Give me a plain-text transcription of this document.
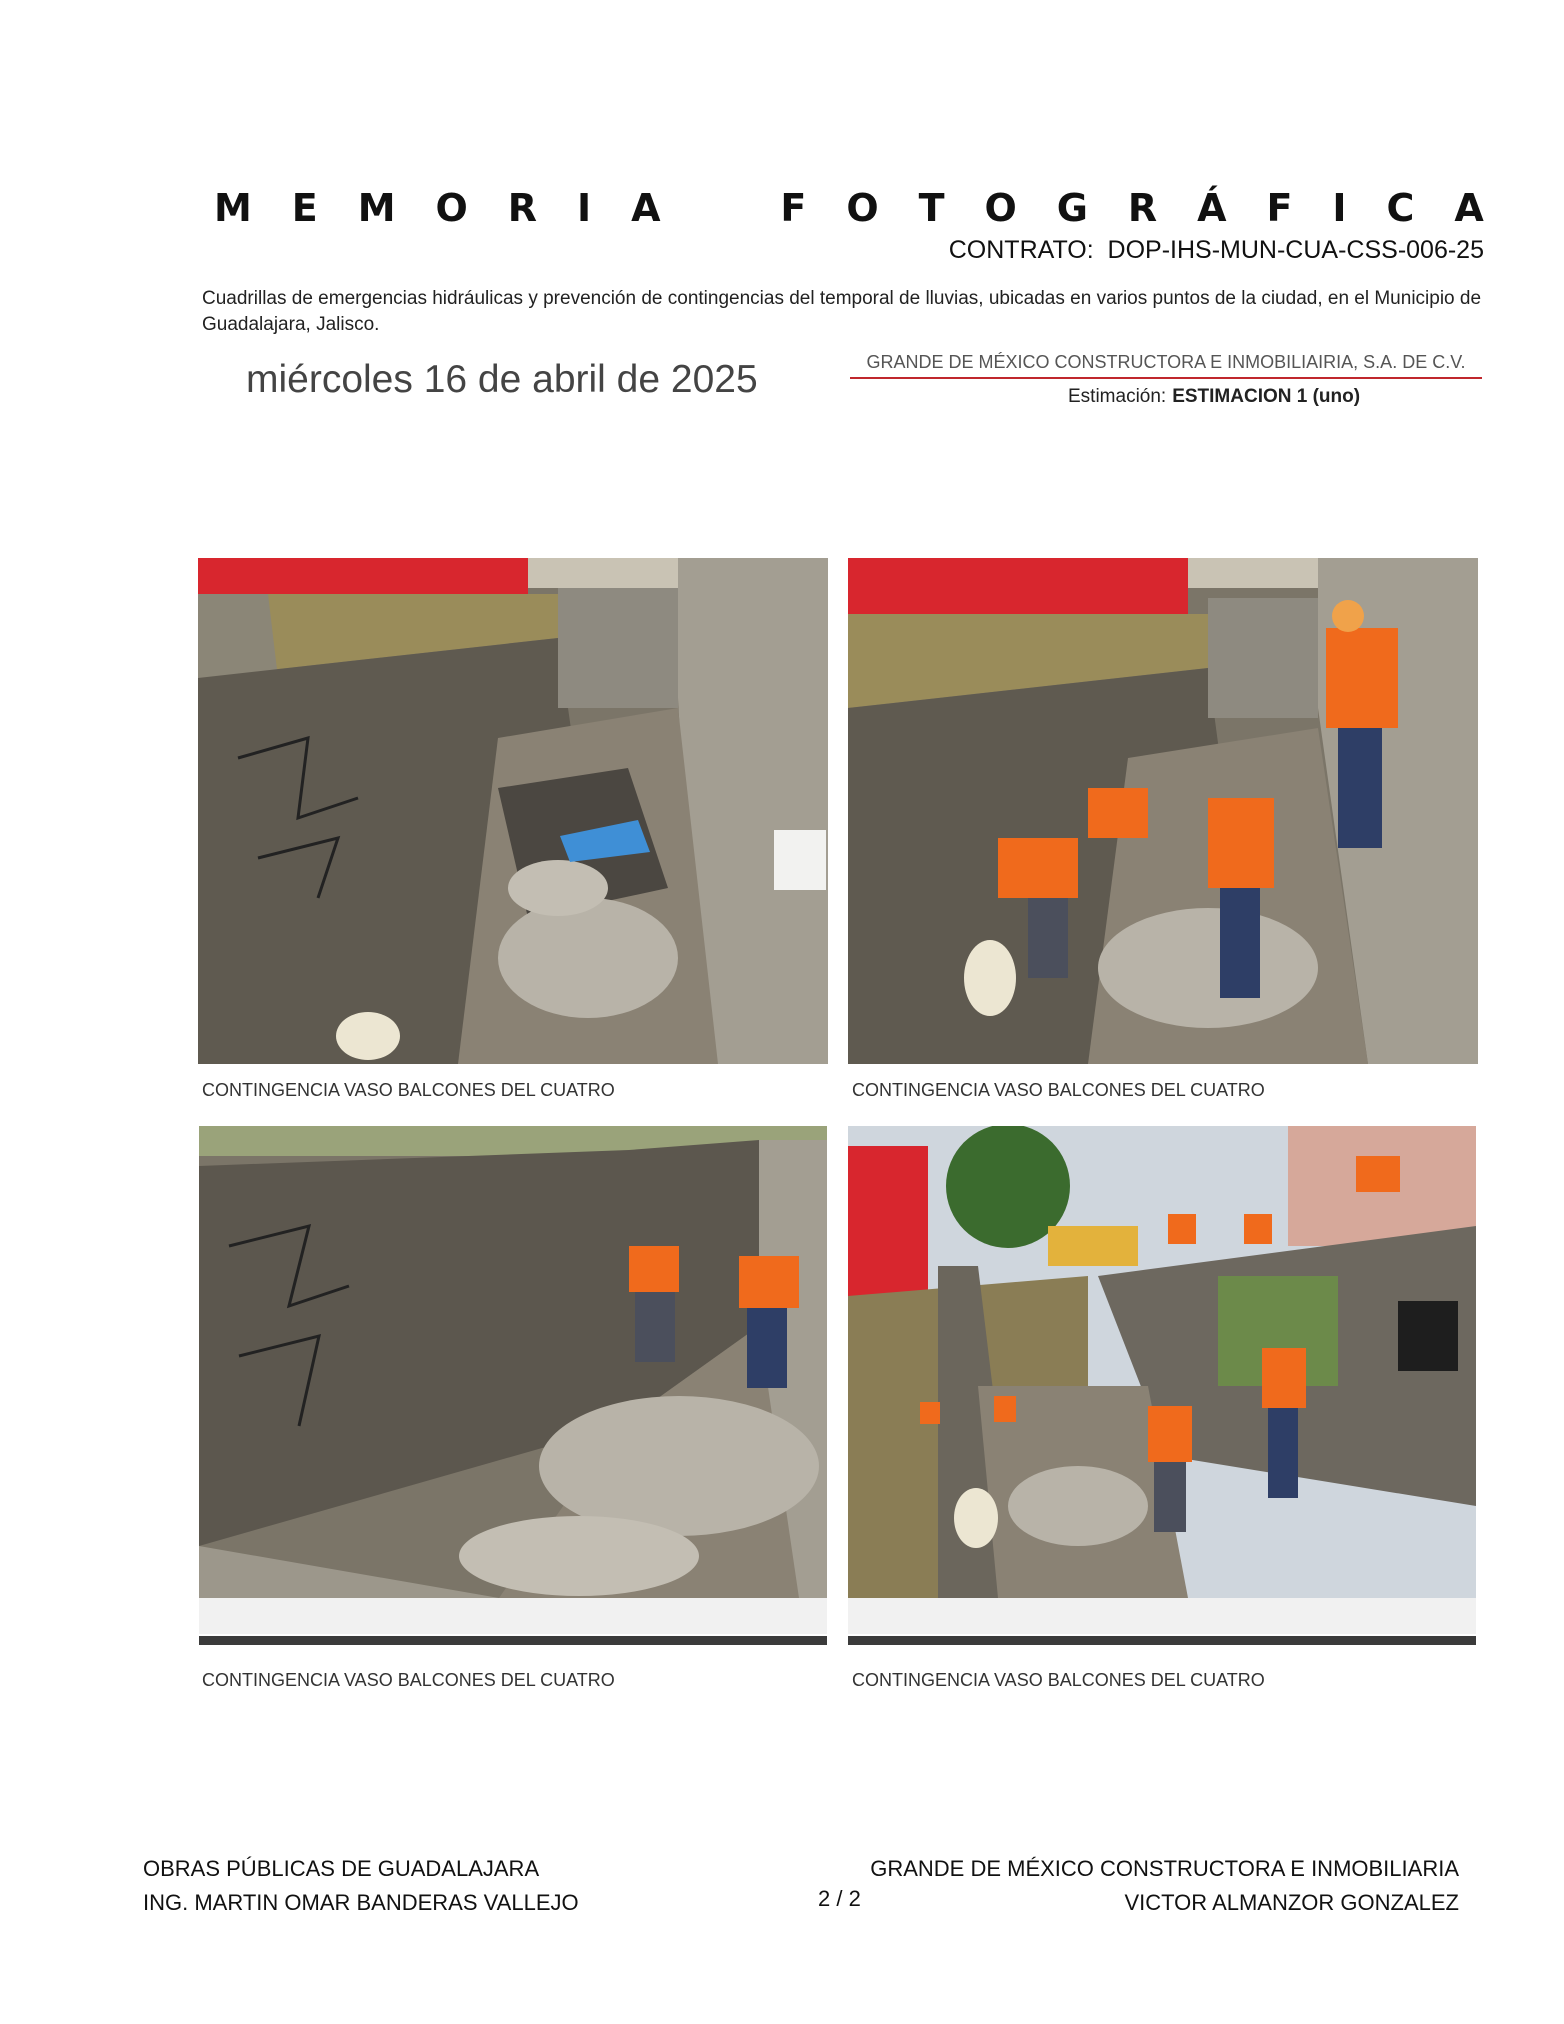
M E M O R I A	F O T O G R Á F I C A
CONTRATO:  DOP-IHS-MUN-CUA-CSS-006-25
Cuadrillas de emergencias hidráulicas y prevención de contingencias del temporal de lluvias, ubicadas en varios puntos de la ciudad, en el Municipio de Guadalajara, Jalisco.
miércoles 16 de abril de 2025	GRANDE DE MÉXICO CONSTRUCTORA E INMOBILIAIRIA, S.A. DE C.V.
Estimación: ESTIMACION 1 (uno)
CONTINGENCIA VASO BALCONES DEL CUATRO	CONTINGENCIA VASO BALCONES DEL CUATRO
CONTINGENCIA VASO BALCONES DEL CUATRO	CONTINGENCIA VASO BALCONES DEL CUATRO
OBRAS PÚBLICAS DE GUADALAJARA
ING. MARTIN OMAR BANDERAS VALLEJO	2 / 2
GRANDE DE MÉXICO CONSTRUCTORA E INMOBILIARIA
VICTOR ALMANZOR GONZALEZ
